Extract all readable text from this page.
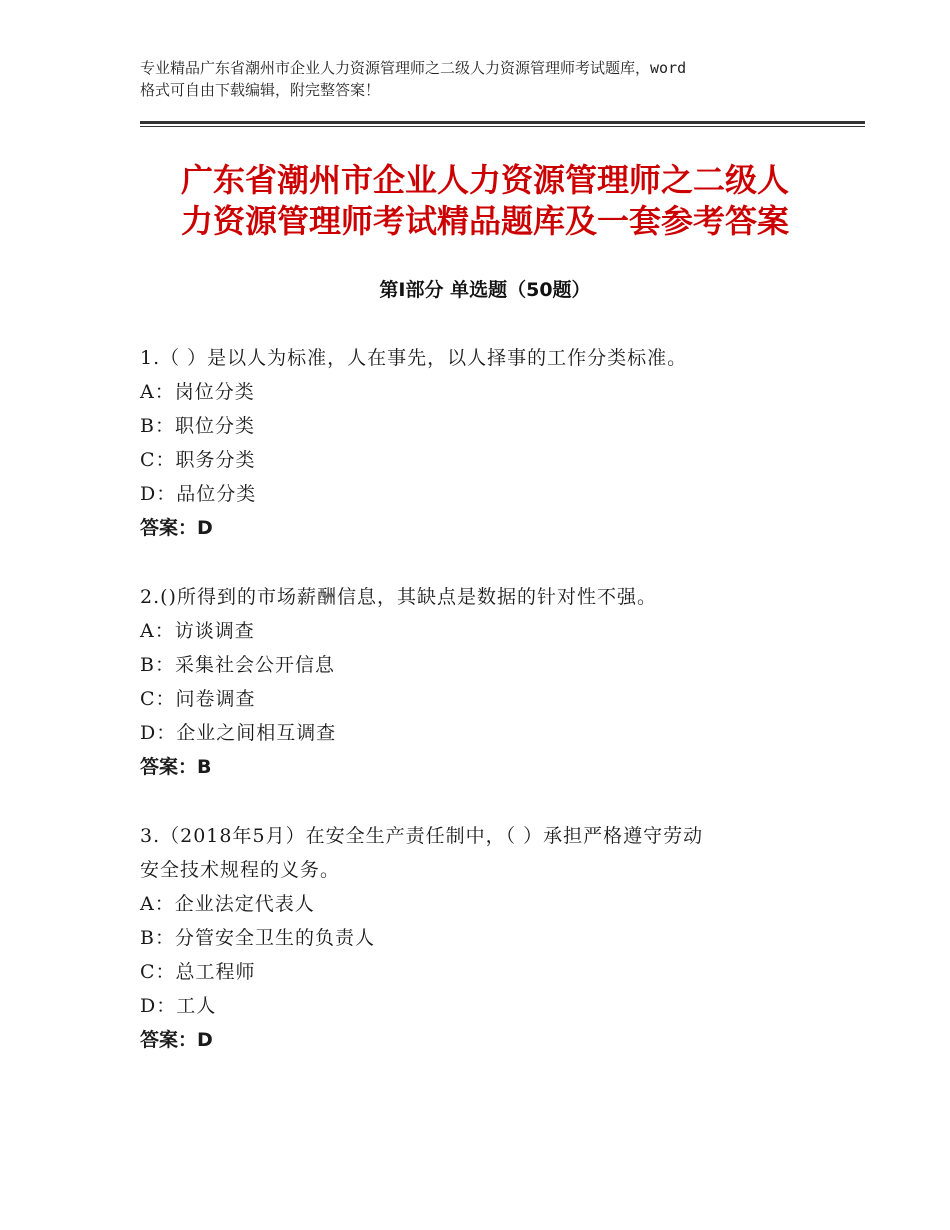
专业精品广东省潮州市企业人力资源管理师之二级人力资源管理师考试题库，word
格式可自由下载编辑，附完整答案！
广东省潮州市企业人力资源管理师之二级人
力资源管理师考试精品题库及一套参考答案
第Ⅰ部分 单选题（50题）
1.（ ）是以人为标准，人在事先，以人择事的工作分类标准。
A：岗位分类
B：职位分类
C：职务分类
D：品位分类
答案：D
2.()所得到的市场薪酬信息，其缺点是数据的针对性不强。
A：访谈调查
B：采集社会公开信息
C：问卷调查
D：企业之间相互调查
答案：B
3.（2018年5月）在安全生产责任制中，（ ）承担严格遵守劳动
安全技术规程的义务。
A：企业法定代表人
B：分管安全卫生的负责人
C：总工程师
D：工人
答案：D
